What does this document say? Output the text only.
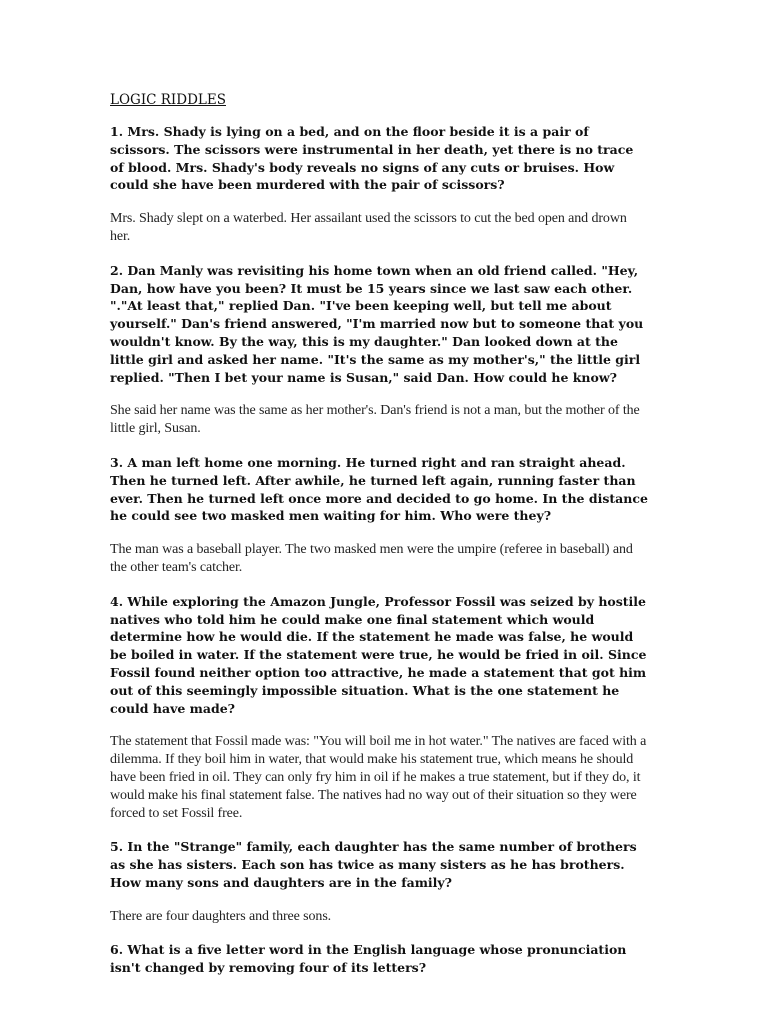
LOGIC RIDDLES

1. Mrs. Shady is lying on a bed, and on the floor beside it is a pair of scissors. The scissors were instrumental in her death, yet there is no trace of blood. Mrs. Shady's body reveals no signs of any cuts or bruises. How could she have been murdered with the pair of scissors?

Mrs. Shady slept on a waterbed. Her assailant used the scissors to cut the bed open and drown her.

2. Dan Manly was revisiting his home town when an old friend called. "Hey, Dan, how have you been? It must be 15 years since we last saw each other. "."At least that," replied Dan. "I've been keeping well, but tell me about yourself." Dan's friend answered, "I'm married now but to someone that you wouldn't know. By the way, this is my daughter." Dan looked down at the little girl and asked her name. "It's the same as my mother's," the little girl replied. "Then I bet your name is Susan," said Dan. How could he know?

She said her name was the same as her mother's. Dan's friend is not a man, but the mother of the little girl, Susan.

3. A man left home one morning. He turned right and ran straight ahead. Then he turned left. After awhile, he turned left again, running faster than ever. Then he turned left once more and decided to go home. In the distance he could see two masked men waiting for him. Who were they?

The man was a baseball player. The two masked men were the umpire (referee in baseball) and the other team's catcher.

4. While exploring the Amazon Jungle, Professor Fossil was seized by hostile natives who told him he could make one final statement which would determine how he would die. If the statement he made was false, he would be boiled in water. If the statement were true, he would be fried in oil. Since Fossil found neither option too attractive, he made a statement that got him out of this seemingly impossible situation. What is the one statement he could have made?

The statement that Fossil made was: "You will boil me in hot water." The natives are faced with a dilemma. If they boil him in water, that would make his statement true, which means he should have been fried in oil. They can only fry him in oil if he makes a true statement, but if they do, it would make his final statement false. The natives had no way out of their situation so they were forced to set Fossil free.

5. In the "Strange" family, each daughter has the same number of brothers as she has sisters. Each son has twice as many sisters as he has brothers. How many sons and daughters are in the family?

There are four daughters and three sons.

6. What is a five letter word in the English language whose pronunciation isn't changed by removing four of its letters?
